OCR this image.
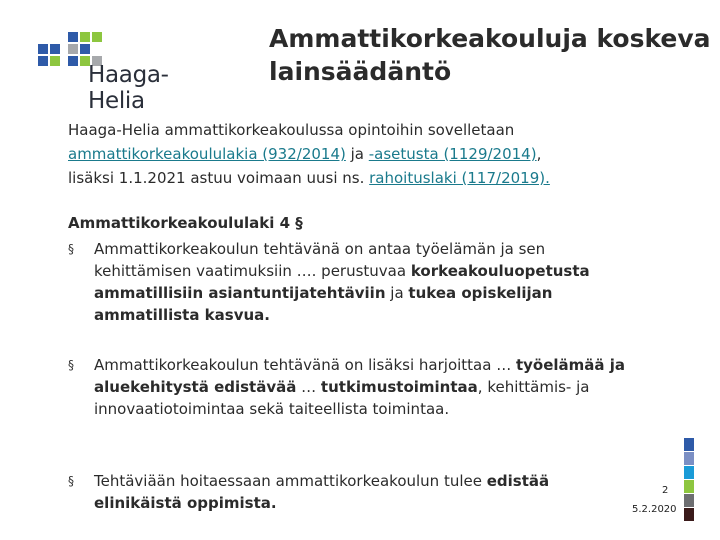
Haaga-Helia
Ammattikorkeakouluja koskeva
lainsäädäntö
Haaga-Helia ammattikorkeakoulussa opintoihin sovelletaan
ammattikorkeakoululakia (932/2014) ja -asetusta (1129/2014),
lisäksi 1.1.2021 astuu voimaan uusi ns. rahoituslaki (117/2019).
Ammattikorkeakoululaki 4 §
§ Ammattikorkeakoulun tehtävänä on antaa työelämän ja sen kehittämisen vaatimuksiin …. perustuvaa korkeakouluopetusta ammatillisiin asiantuntijatehtäviin ja tukea opiskelijan ammatillista kasvua.
§ Ammattikorkeakoulun tehtävänä on lisäksi harjoittaa … työelämää ja aluekehitystä edistävää … tutkimustoimintaa, kehittämis- ja innovaatiotoimintaa sekä taiteellista toimintaa.
§ Tehtäviään hoitaessaan ammattikorkeakoulun tulee edistää elinikäistä oppimista.
2
5.2.2020
